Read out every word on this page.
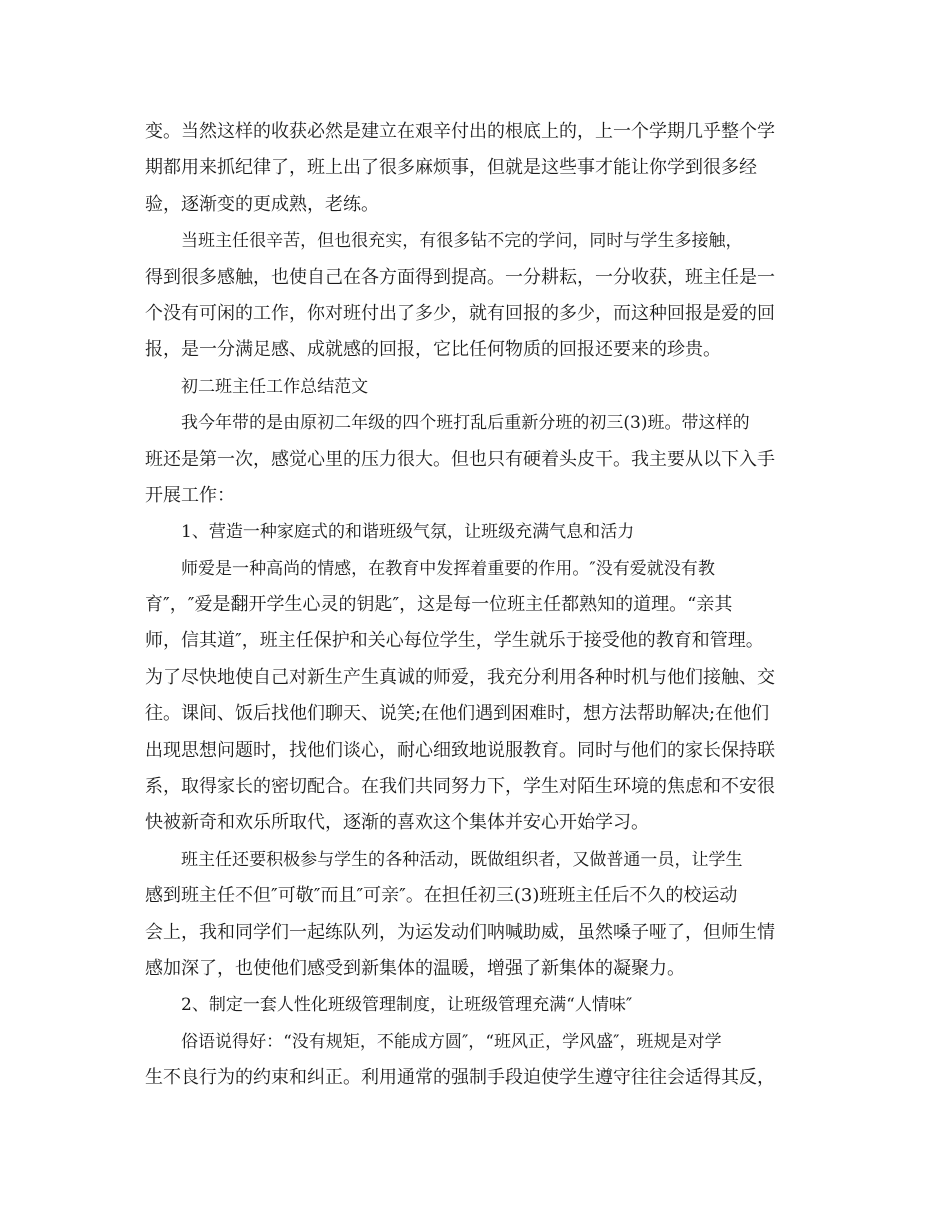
变。当然这样的收获必然是建立在艰辛付出的根底上的，上一个学期几乎整个学
期都用来抓纪律了，班上出了很多麻烦事，但就是这些事才能让你学到很多经
验，逐渐变的更成熟，老练。
当班主任很辛苦，但也很充实，有很多钻不完的学问，同时与学生多接触，
得到很多感触，也使自己在各方面得到提高。一分耕耘，一分收获，班主任是一
个没有可闲的工作，你对班付出了多少，就有回报的多少，而这种回报是爱的回
报，是一分满足感、成就感的回报，它比任何物质的回报还要来的珍贵。
初二班主任工作总结范文
我今年带的是由原初二年级的四个班打乱后重新分班的初三(3)班。带这样的
班还是第一次，感觉心里的压力很大。但也只有硬着头皮干。我主要从以下入手
开展工作：
1、营造一种家庭式的和谐班级气氛，让班级充满气息和活力
师爱是一种高尚的情感，在教育中发挥着重要的作用。″没有爱就没有教
育″，″爱是翻开学生心灵的钥匙″，这是每一位班主任都熟知的道理。“亲其
师，信其道″，班主任保护和关心每位学生，学生就乐于接受他的教育和管理。
为了尽快地使自己对新生产生真诚的师爱，我充分利用各种时机与他们接触、交
往。课间、饭后找他们聊天、说笑;在他们遇到困难时，想方法帮助解决;在他们
出现思想问题时，找他们谈心，耐心细致地说服教育。同时与他们的家长保持联
系，取得家长的密切配合。在我们共同努力下，学生对陌生环境的焦虑和不安很
快被新奇和欢乐所取代，逐渐的喜欢这个集体并安心开始学习。
班主任还要积极参与学生的各种活动，既做组织者，又做普通一员，让学生
感到班主任不但″可敬″而且″可亲″。在担任初三(3)班班主任后不久的校运动
会上，我和同学们一起练队列，为运发动们呐喊助威，虽然嗓子哑了，但师生情
感加深了，也使他们感受到新集体的温暖，增强了新集体的凝聚力。
2、制定一套人性化班级管理制度，让班级管理充满“人情味″
俗语说得好：“没有规矩，不能成方圆″，“班风正，学风盛″，班规是对学
生不良行为的约束和纠正。利用通常的强制手段迫使学生遵守往往会适得其反，
